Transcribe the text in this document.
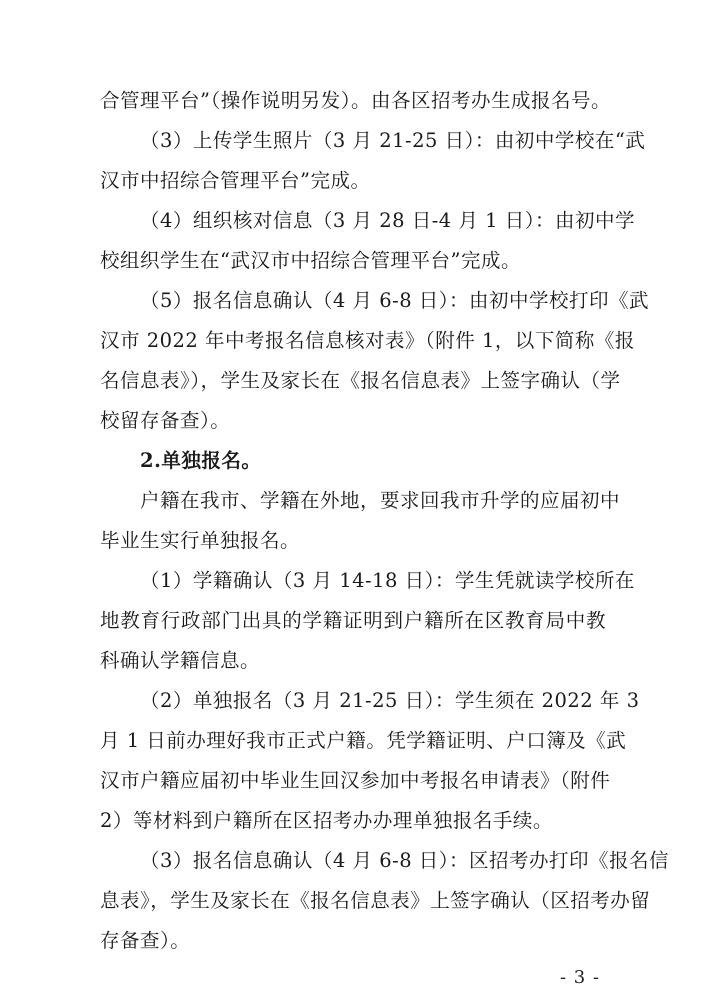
合管理平台”（操作说明另发）。由各区招考办生成报名号。
（3）上传学生照片（3 月 21-25 日）：由初中学校在“武
汉市中招综合管理平台”完成。
（4）组织核对信息（3 月 28 日-4 月 1 日）：由初中学
校组织学生在“武汉市中招综合管理平台”完成。
（5）报名信息确认（4 月 6-8 日）：由初中学校打印《武
汉市 2022 年中考报名信息核对表》（附件 1，以下简称《报
名信息表》），学生及家长在《报名信息表》上签字确认（学
校留存备查）。
2.单独报名。
户籍在我市、学籍在外地，要求回我市升学的应届初中
毕业生实行单独报名。
（1）学籍确认（3 月 14-18 日）：学生凭就读学校所在
地教育行政部门出具的学籍证明到户籍所在区教育局中教
科确认学籍信息。
（2）单独报名（3 月 21-25 日）：学生须在 2022 年 3
月 1 日前办理好我市正式户籍。凭学籍证明、户口簿及《武
汉市户籍应届初中毕业生回汉参加中考报名申请表》（附件
2）等材料到户籍所在区招考办办理单独报名手续。
（3）报名信息确认（4 月 6-8 日）：区招考办打印《报名信
息表》，学生及家长在《报名信息表》上签字确认（区招考办留
存备查）。
- 3 -
